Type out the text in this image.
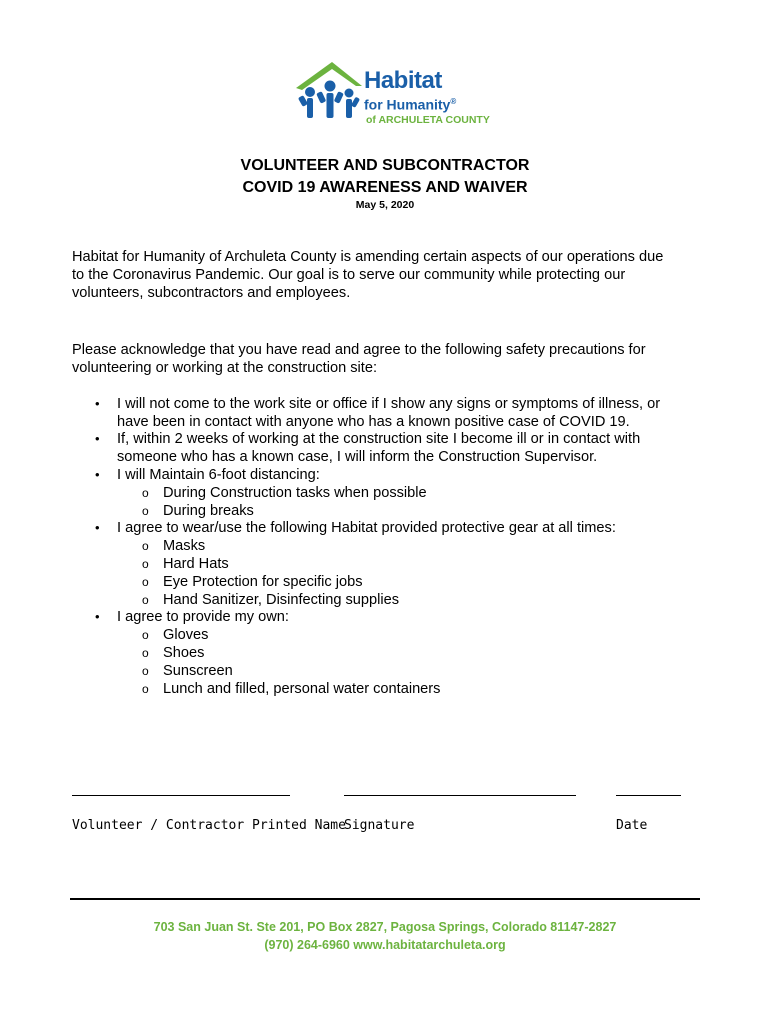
Habitat
for Humanity®
of ARCHULETA COUNTY
VOLUNTEER AND SUBCONTRACTOR
COVID 19 AWARENESS AND WAIVER
May 5, 2020
Habitat for Humanity of Archuleta County is amending certain aspects of our operations due
to the Coronavirus Pandemic. Our goal is to serve our community while protecting our
volunteers, subcontractors and employees.
Please acknowledge that you have read and agree to the following safety precautions for
volunteering or working at the construction site:
• I will not come to the work site or office if I show any signs or symptoms of illness, or
have been in contact with anyone who has a known positive case of COVID 19.
• If, within 2 weeks of working at the construction site I become ill or in contact with
someone who has a known case, I will inform the Construction Supervisor.
• I will Maintain 6-foot distancing:
o During Construction tasks when possible
o During breaks
• I agree to wear/use the following Habitat provided protective gear at all times:
o Masks
o Hard Hats
o Eye Protection for specific jobs
o Hand Sanitizer, Disinfecting supplies
• I agree to provide my own:
o Gloves
o Shoes
o Sunscreen
o Lunch and filled, personal water containers
Volunteer / Contractor Printed Name
Signature	Date
703 San Juan St. Ste 201, PO Box 2827, Pagosa Springs, Colorado 81147-2827
(970) 264-6960 www.habitatarchuleta.org
